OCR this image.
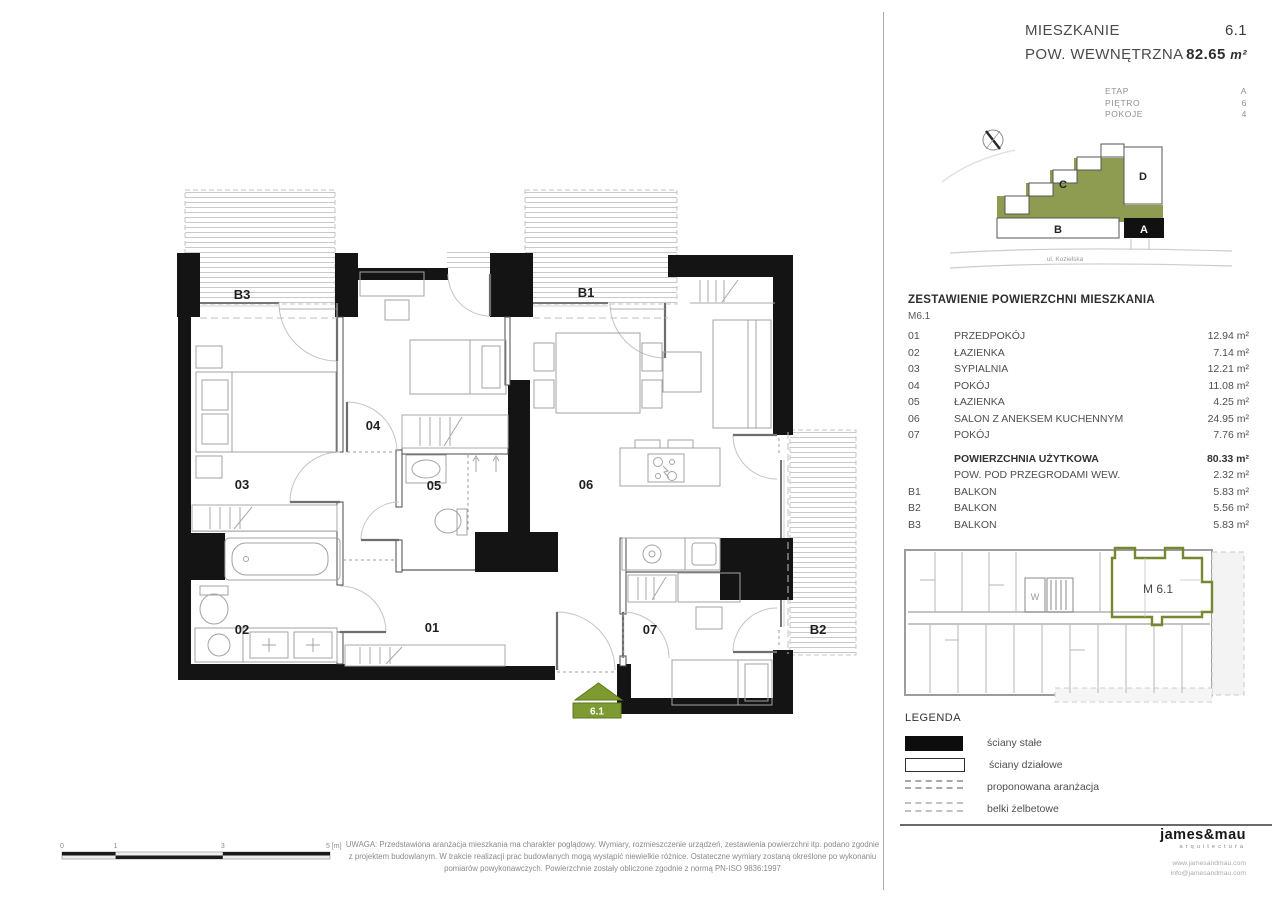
6.1
01
02
03
04
05	06
07
B1
B2
B3
0	1	3	5 [m]
MIESZKANIE	6.1
POW. WEWNĘTRZNA 82.65 m²
ETAP	A
PIĘTRO	6
POKOJE	4
C
D
B	A
ul. Kozielska
ZESTAWIENIE POWIERZCHNI MIESZKANIA
M6.1
01	PRZEDPOKÓJ	12.94 m²
02	ŁAZIENKA	7.14 m²
03	SYPIALNIA	12.21 m²
04	POKÓJ	11.08 m²
05	ŁAZIENKA	4.25 m²
06	SALON Z ANEKSEM KUCHENNYM	24.95 m²
07	POKÓJ	7.76 m²
POWIERZCHNIA UŻYTKOWA	80.33 m²
POW. POD PRZEGRODAMI WEW.	2.32 m²
B1	BALKON	5.83 m²
B2	BALKON	5.56 m²
B3	BALKON	5.83 m²
W
M 6.1
LEGENDA
ściany stałe
ściany działowe
proponowana aranżacja
belki żelbetowe
james&mau
arquitectura
www.jamesandmau.com
info@jamesandmau.com
UWAGA: Przedstawiona aranżacja mieszkania ma charakter poglądowy. Wymiary, rozmieszczenie urządzeń, zestawienia powierzchni itp. podano zgodnie z projektem budowlanym. W trakcie realizacji prac budowlanych mogą wystąpić niewielkie różnice. Ostateczne wymiary zostaną określone po wykonaniu pomiarów powykonawczych. Powierzchnie zostały obliczone zgodnie z normą PN-ISO 9836:1997
